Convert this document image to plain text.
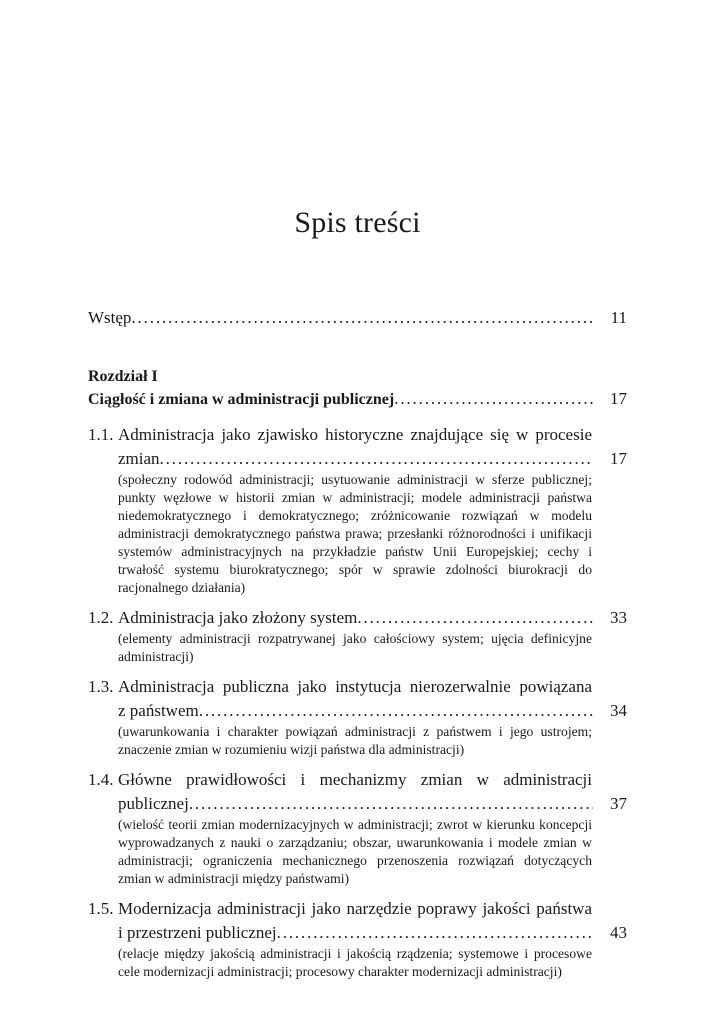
Spis treści
Wstęp . . .	11
Rozdział I
Ciągłość i zmiana w administracji publicznej . . .	17
1.1. Administracja jako zjawisko historyczne znajdujące się w procesie
zmian . . .	17
(społeczny rodowód administracji; usytuowanie administracji w sferze publicznej; punkty węzłowe w historii zmian w administracji; modele administracji państwa niedemokratycznego i demokratycznego; zróżnicowanie rozwiązań w modelu administracji demokratycznego państwa prawa; przesłanki różnorodności i unifikacji systemów administracyjnych na przykładzie państw Unii Europejskiej; cechy i trwałość systemu biurokratycznego; spór w sprawie zdolności biurokracji do racjonalnego działania)
1.2. Administracja jako złożony system . . .	33
(elementy administracji rozpatrywanej jako całościowy system; ujęcia definicyjne administracji)
1.3. Administracja publiczna jako instytucja nierozerwalnie powiązana
z państwem . . .	34
(uwarunkowania i charakter powiązań administracji z państwem i jego ustrojem; znaczenie zmian w rozumieniu wizji państwa dla administracji)
1.4. Główne prawidłowości i mechanizmy zmian w administracji
publicznej . . .	37
(wielość teorii zmian modernizacyjnych w administracji; zwrot w kierunku koncepcji wyprowadzanych z nauki o zarządzaniu; obszar, uwarunkowania i modele zmian w administracji; ograniczenia mechanicznego przenoszenia rozwiązań dotyczących zmian w administracji między państwami)
1.5. Modernizacja administracji jako narzędzie poprawy jakości państwa
i przestrzeni publicznej . . .	43
(relacje między jakością administracji i jakością rządzenia; systemowe i procesowe cele modernizacji administracji; procesowy charakter modernizacji administracji)
